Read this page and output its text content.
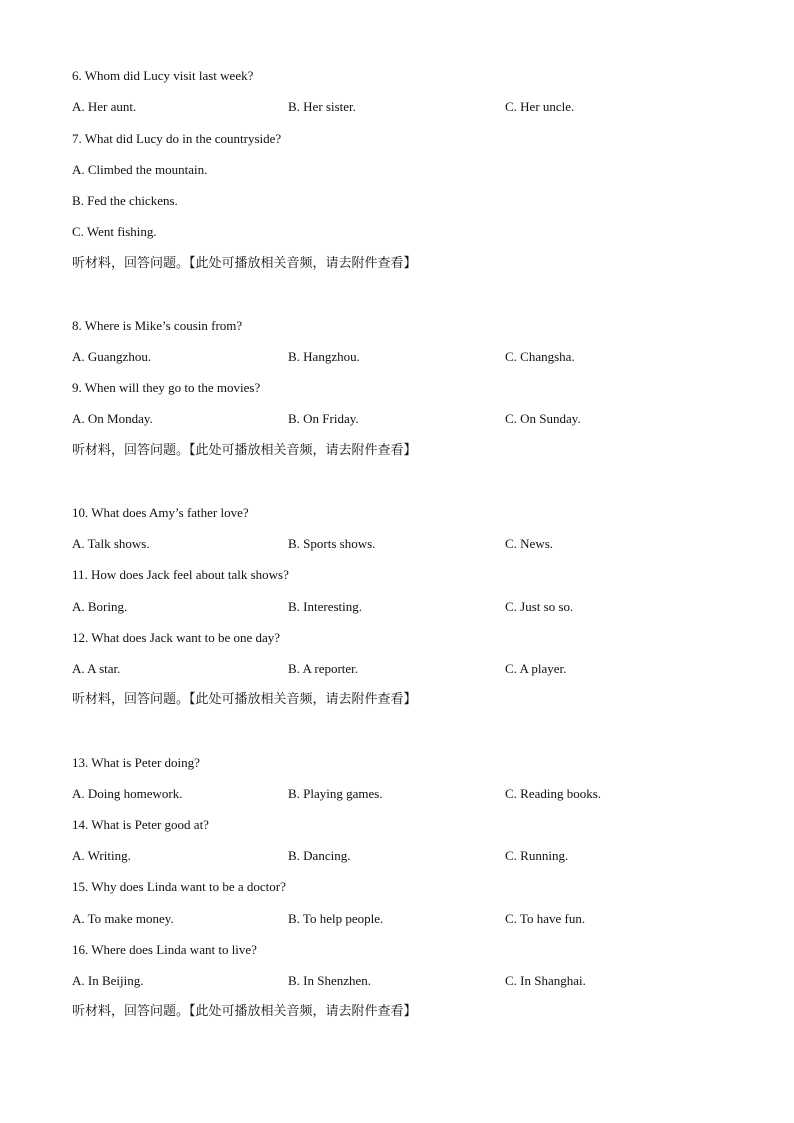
6. Whom did Lucy visit last week?
A. Her aunt.	B. Her sister.	C. Her uncle.
7. What did Lucy do in the countryside?
A. Climbed the mountain.
B. Fed the chickens.
C. Went fishing.
听材料，回答问题。【此处可播放相关音频，请去附件查看】
8. Where is Mike’s cousin from?
A. Guangzhou.	B. Hangzhou.	C. Changsha.
9. When will they go to the movies?
A. On Monday.	B. On Friday.	C. On Sunday.
听材料，回答问题。【此处可播放相关音频，请去附件查看】
10. What does Amy’s father love?
A. Talk shows.	B. Sports shows.	C. News.
11. How does Jack feel about talk shows?
A. Boring.	B. Interesting.	C. Just so so.
12. What does Jack want to be one day?
A. A star.	B. A reporter.	C. A player.
听材料，回答问题。【此处可播放相关音频，请去附件查看】
13. What is Peter doing?
A. Doing homework.	B. Playing games.	C. Reading books.
14. What is Peter good at?
A. Writing.	B. Dancing.	C. Running.
15. Why does Linda want to be a doctor?
A. To make money.	B. To help people.	C. To have fun.
16. Where does Linda want to live?
A. In Beijing.	B. In Shenzhen.	C. In Shanghai.
听材料，回答问题。【此处可播放相关音频，请去附件查看】
